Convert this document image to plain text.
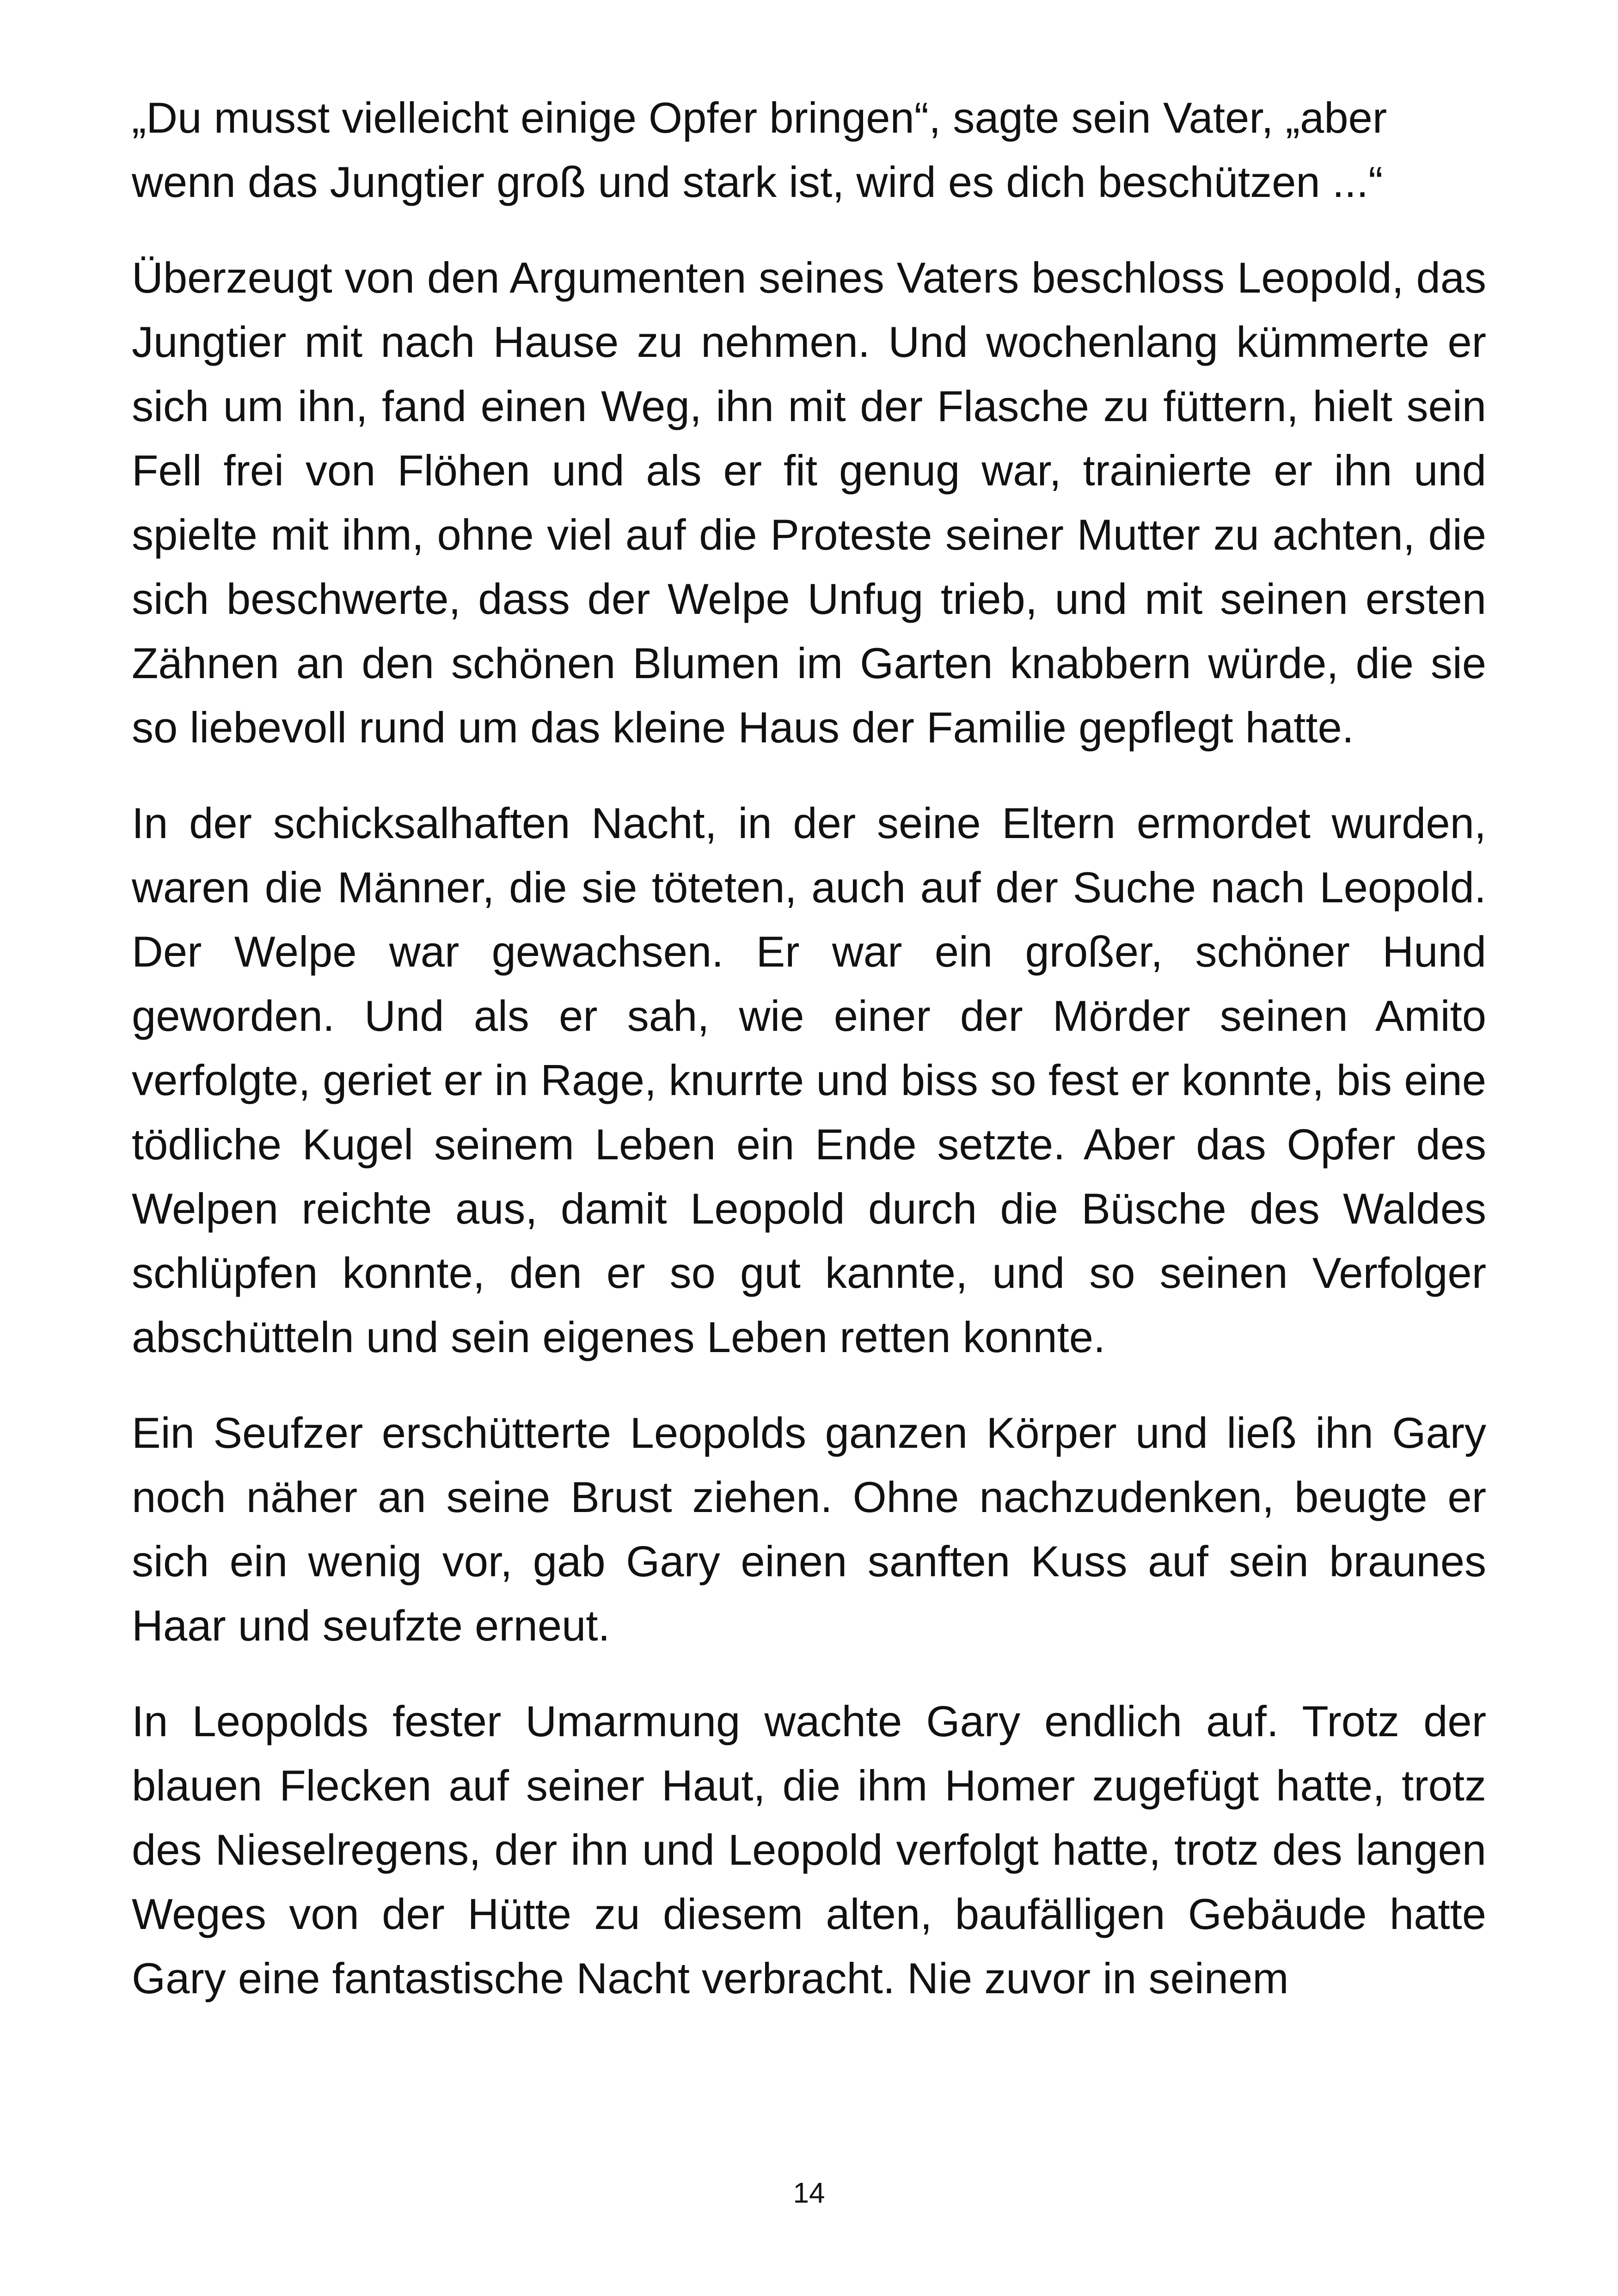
„Du musst vielleicht einige Opfer bringen“, sagte sein Vater, „aber wenn das Jungtier groß und stark ist, wird es dich beschützen ...“

Überzeugt von den Argumenten seines Vaters beschloss Leopold, das Jungtier mit nach Hause zu nehmen. Und wochenlang kümmerte er sich um ihn, fand einen Weg, ihn mit der Flasche zu füttern, hielt sein Fell frei von Flöhen und als er fit genug war, trainierte er ihn und spielte mit ihm, ohne viel auf die Proteste seiner Mutter zu achten, die sich beschwerte, dass der Welpe Unfug trieb, und mit seinen ersten Zähnen an den schönen Blumen im Garten knabbern würde, die sie so liebevoll rund um das kleine Haus der Familie gepflegt hatte.

In der schicksalhaften Nacht, in der seine Eltern ermordet wurden, waren die Männer, die sie töteten, auch auf der Suche nach Leopold. Der Welpe war gewachsen. Er war ein großer, schöner Hund geworden. Und als er sah, wie einer der Mörder seinen Amito verfolgte, geriet er in Rage, knurrte und biss so fest er konnte, bis eine tödliche Kugel seinem Leben ein Ende setzte. Aber das Opfer des Welpen reichte aus, damit Leopold durch die Büsche des Waldes schlüpfen konnte, den er so gut kannte, und so seinen Verfolger abschütteln und sein eigenes Leben retten konnte.

Ein Seufzer erschütterte Leopolds ganzen Körper und ließ ihn Gary noch näher an seine Brust ziehen. Ohne nachzudenken, beugte er sich ein wenig vor, gab Gary einen sanften Kuss auf sein braunes Haar und seufzte erneut.

In Leopolds fester Umarmung wachte Gary endlich auf. Trotz der blauen Flecken auf seiner Haut, die ihm Homer zugefügt hatte, trotz des Nieselregens, der ihn und Leopold verfolgt hatte, trotz des langen Weges von der Hütte zu diesem alten, baufälligen Gebäude hatte Gary eine fantastische Nacht verbracht. Nie zuvor in seinem

14
